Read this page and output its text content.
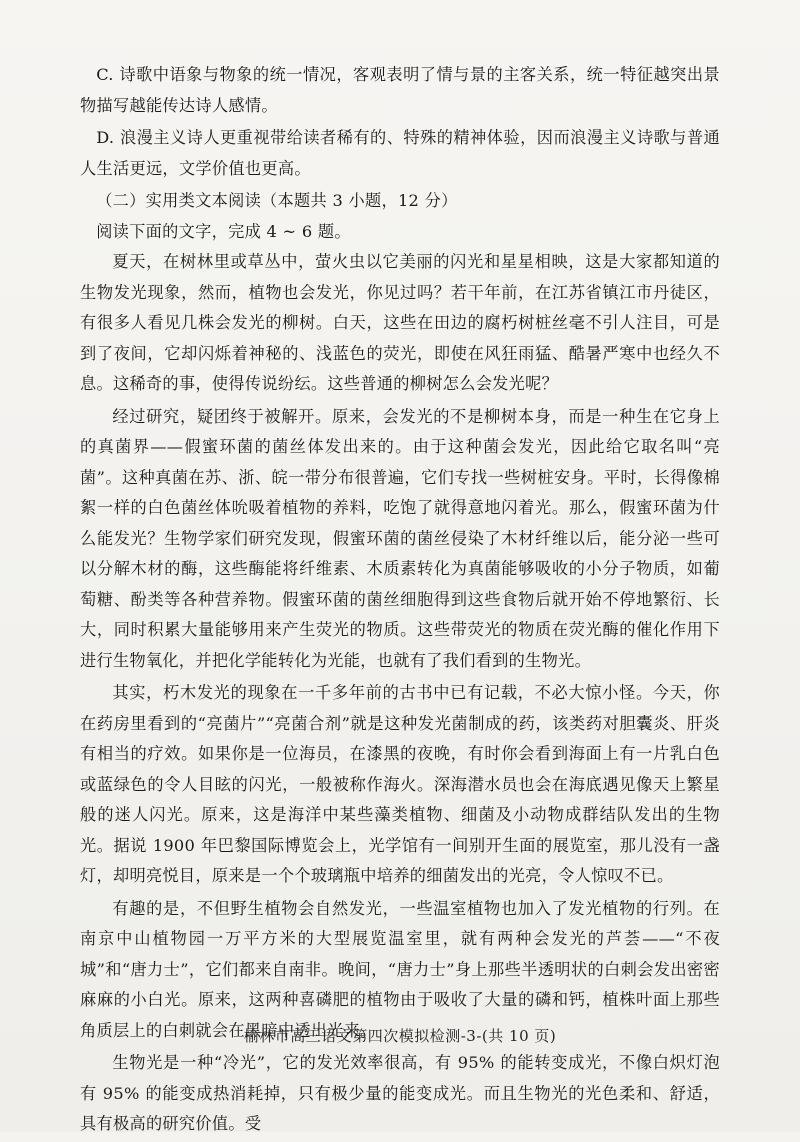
C. 诗歌中语象与物象的统一情况，客观表明了情与景的主客关系，统一特征越突出景物描写越能传达诗人感情。

D. 浪漫主义诗人更重视带给读者稀有的、特殊的精神体验，因而浪漫主义诗歌与普通人生活更远，文学价值也更高。

（二）实用类文本阅读（本题共 3 小题，12 分）

阅读下面的文字，完成 4 ~ 6 题。

夏天，在树林里或草丛中，萤火虫以它美丽的闪光和星星相映，这是大家都知道的生物发光现象，然而，植物也会发光，你见过吗？若干年前，在江苏省镇江市丹徒区，有很多人看见几株会发光的柳树。白天，这些在田边的腐朽树桩丝毫不引人注目，可是到了夜间，它却闪烁着神秘的、浅蓝色的荧光，即使在风狂雨猛、酷暑严寒中也经久不息。这稀奇的事，使得传说纷纭。这些普通的柳树怎么会发光呢？

经过研究，疑团终于被解开。原来，会发光的不是柳树本身，而是一种生在它身上的真菌界——假蜜环菌的菌丝体发出来的。由于这种菌会发光，因此给它取名叫“亮菌”。这种真菌在苏、浙、皖一带分布很普遍，它们专找一些树桩安身。平时，长得像棉絮一样的白色菌丝体吮吸着植物的养料，吃饱了就得意地闪着光。那么，假蜜环菌为什么能发光？生物学家们研究发现，假蜜环菌的菌丝侵染了木材纤维以后，能分泌一些可以分解木材的酶，这些酶能将纤维素、木质素转化为真菌能够吸收的小分子物质，如葡萄糖、酚类等各种营养物。假蜜环菌的菌丝细胞得到这些食物后就开始不停地繁衍、长大，同时积累大量能够用来产生荧光的物质。这些带荧光的物质在荧光酶的催化作用下进行生物氧化，并把化学能转化为光能，也就有了我们看到的生物光。

其实，朽木发光的现象在一千多年前的古书中已有记载，不必大惊小怪。今天，你在药房里看到的“亮菌片”“亮菌合剂”就是这种发光菌制成的药，该类药对胆囊炎、肝炎有相当的疗效。如果你是一位海员，在漆黑的夜晚，有时你会看到海面上有一片乳白色或蓝绿色的令人目眩的闪光，一般被称作海火。深海潜水员也会在海底遇见像天上繁星般的迷人闪光。原来，这是海洋中某些藻类植物、细菌及小动物成群结队发出的生物光。据说 1900 年巴黎国际博览会上，光学馆有一间别开生面的展览室，那儿没有一盏灯，却明亮悦目，原来是一个个玻璃瓶中培养的细菌发出的光亮，令人惊叹不已。

有趣的是，不但野生植物会自然发光，一些温室植物也加入了发光植物的行列。在南京中山植物园一万平方米的大型展览温室里，就有两种会发光的芦荟——“不夜城”和“唐力士”，它们都来自南非。晚间，“唐力士”身上那些半透明状的白刺会发出密密麻麻的小白光。原来，这两种喜磷肥的植物由于吸收了大量的磷和钙，植株叶面上那些角质层上的白刺就会在黑暗中透出光来。

生物光是一种“冷光”，它的发光效率很高，有 95% 的能转变成光，不像白炽灯泡有 95% 的能变成热消耗掉，只有极少量的能变成光。而且生物光的光色柔和、舒适，具有极高的研究价值。受

榆林市高三语文第四次模拟检测-3-(共 10 页)
